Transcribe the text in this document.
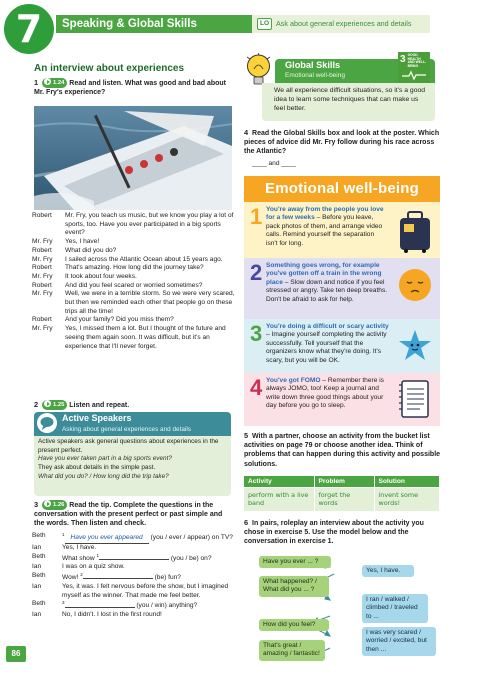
7	Speaking & Global Skills	LO Ask about general experiences and details
An interview about experiences
1	1.24 Read and listen. What was good and bad about Mr. Fry's experience?
Robert	Mr. Fry, you teach us music, but we know you play a lot of sports, too. Have you ever participated in a big sports event?
Mr. Fry	Yes, I have!
Robert	What did you do?
Mr. Fry	I sailed across the Atlantic Ocean about 15 years ago.
Robert	That's amazing. How long did the journey take?
Mr. Fry	It took about four weeks.
Robert	And did you feel scared or worried sometimes?
Mr. Fry	Well, we were in a terrible storm. So we were very scared, but then we reminded each other that people go on these trips all the time!
Robert	And your family? Did you miss them?
Mr. Fry	Yes, I missed them a lot. But I thought of the future and seeing them again soon. It was difficult, but it's an experience that I'll never forget.
2	1.25 Listen and repeat.
Active Speakers
Asking about general experiences and details
Active speakers ask general questions about experiences in the present perfect.
Have you ever taken part in a big sports event?
They ask about details in the simple past.
What did you do? / How long did the trip take?
3	1.26 Read the tip. Complete the questions in the conversation with the present perfect or past simple and the words. Then listen and check.
Beth	$^1$ Have you ever appeared (you / ever / appear) on TV?
Ian	Yes, I have.
Beth	What show $^1$	(you / be) on?
Ian	I was on a quiz show.
Beth	Wow! $^2$	(be) fun?
Ian	Yes, it was. I felt nervous before the show, but I imagined myself as the winner. That made me feel better.
Beth	$^3$	(you / win) anything?
Ian	No, I didn't. I lost in the first round!
86
Global Skills
Emotional well-being
3 GOOD HEALTH AND WELL-BEING
We all experience difficult situations, so it's a good idea to learn some techniques that can make us feel better.
4 Read the Global Skills box and look at the poster. Which pieces of advice did Mr. Fry follow during his race across the Atlantic?
____ and ____
Emotional well-being
1 You're away from the people you love for a few weeks – Before you leave, pack photos of them, and arrange video calls. Remind yourself the separation isn't for long.
2 Something goes wrong, for example you've gotten off a train in the wrong place – Slow down and notice if you feel stressed or angry. Take ten deep breaths. Don't be afraid to ask for help.
3 You're doing a difficult or scary activity – Imagine yourself completing the activity successfully. Tell yourself that the organizers know what they're doing. It's scary, but you will be OK.
4 You've got FOMO – Remember there is always JOMO, too! Keep a journal and write down three good things about your day before you go to sleep.
5 With a partner, choose an activity from the bucket list activities on page 79 or choose another idea. Think of problems that can happen during this activity and possible solutions.
Activity	Problem	Solution
perform with a live band	forget the words	invent some words!
6 In pairs, roleplay an interview about the activity you chose in exercise 5. Use the model below and the conversation in exercise 1.
Have you ever ... ?
Yes, I have.
What happened? / What did you ... ?
I ran / walked / climbed / traveled to ...
How did you feel?
I was very scared / worried / excited, but then ...
That's great / amazing / fantastic!
